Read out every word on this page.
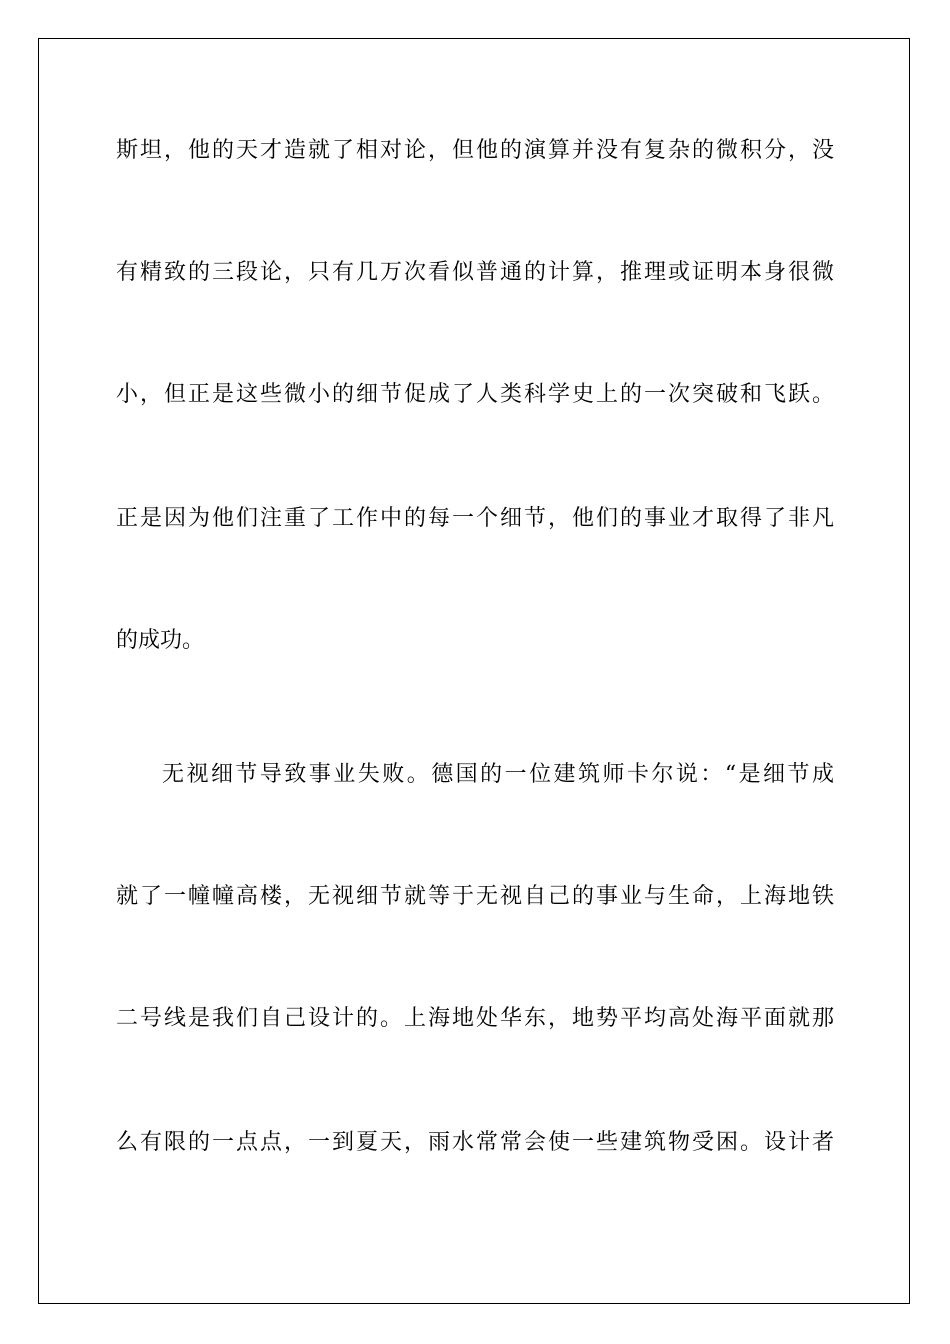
斯坦，他的天才造就了相对论，但他的演算并没有复杂的微积分，没
有精致的三段论，只有几万次看似普通的计算，推理或证明本身很微
小，但正是这些微小的细节促成了人类科学史上的一次突破和飞跃。
正是因为他们注重了工作中的每一个细节，他们的事业才取得了非凡
的成功。
无视细节导致事业失败。德国的一位建筑师卡尔说：“是细节成
就了一幢幢高楼，无视细节就等于无视自己的事业与生命，上海地铁
二号线是我们自己设计的。上海地处华东，地势平均高处海平面就那
么有限的一点点，一到夏天，雨水常常会使一些建筑物受困。设计者
